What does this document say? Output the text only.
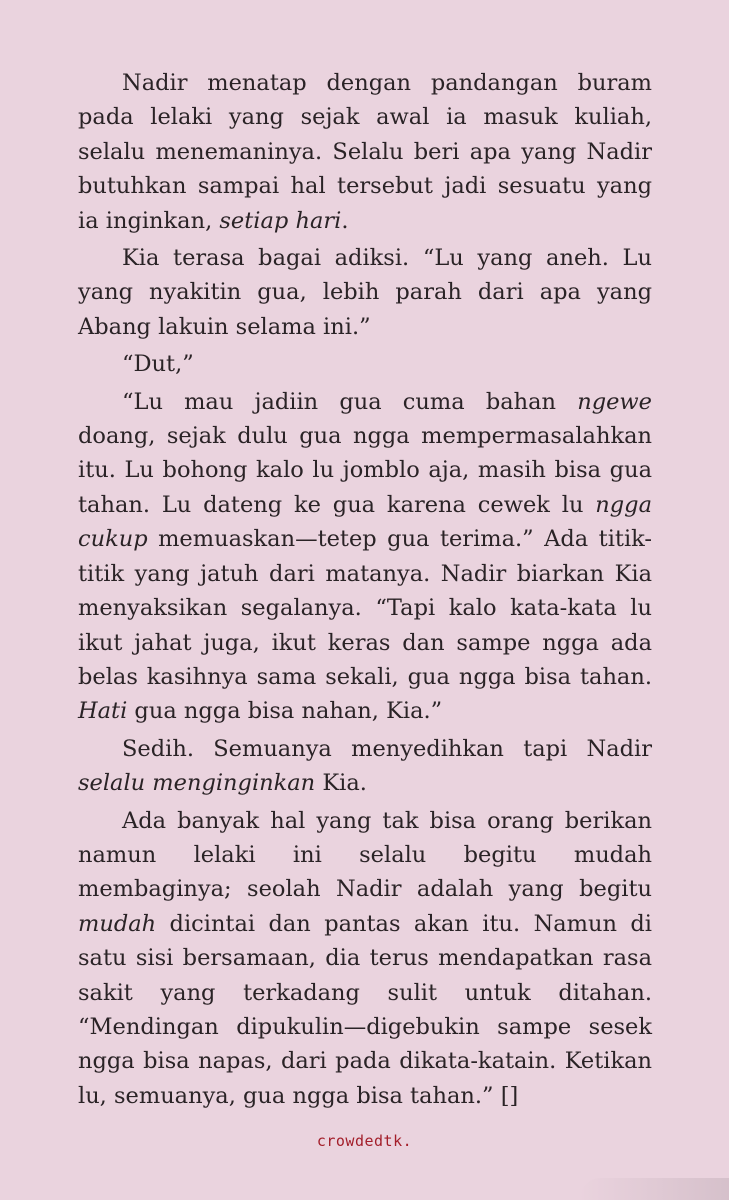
Nadir menatap dengan pandangan buram pada lelaki yang sejak awal ia masuk kuliah, selalu menemaninya. Selalu beri apa yang Nadir butuhkan sampai hal tersebut jadi sesuatu yang ia inginkan, setiap hari.

Kia terasa bagai adiksi. “Lu yang aneh. Lu yang nyakitin gua, lebih parah dari apa yang Abang lakuin selama ini.”

“Dut,”

“Lu mau jadiin gua cuma bahan ngewe doang, sejak dulu gua ngga mempermasalahkan itu. Lu bohong kalo lu jomblo aja, masih bisa gua tahan. Lu dateng ke gua karena cewek lu ngga cukup memuaskan—tetep gua terima.” Ada titik-titik yang jatuh dari matanya. Nadir biarkan Kia menyaksikan segalanya. “Tapi kalo kata-kata lu ikut jahat juga, ikut keras dan sampe ngga ada belas kasihnya sama sekali, gua ngga bisa tahan. Hati gua ngga bisa nahan, Kia.”

Sedih. Semuanya menyedihkan tapi Nadir selalu menginginkan Kia.

Ada banyak hal yang tak bisa orang berikan namun lelaki ini selalu begitu mudah membaginya; seolah Nadir adalah yang begitu mudah dicintai dan pantas akan itu. Namun di satu sisi bersamaan, dia terus mendapatkan rasa sakit yang terkadang sulit untuk ditahan. “Mendingan dipukulin—digebukin sampe sesek ngga bisa napas, dari pada dikata-katain. Ketikan lu, semuanya, gua ngga bisa tahan.” []

crowdedtk.
